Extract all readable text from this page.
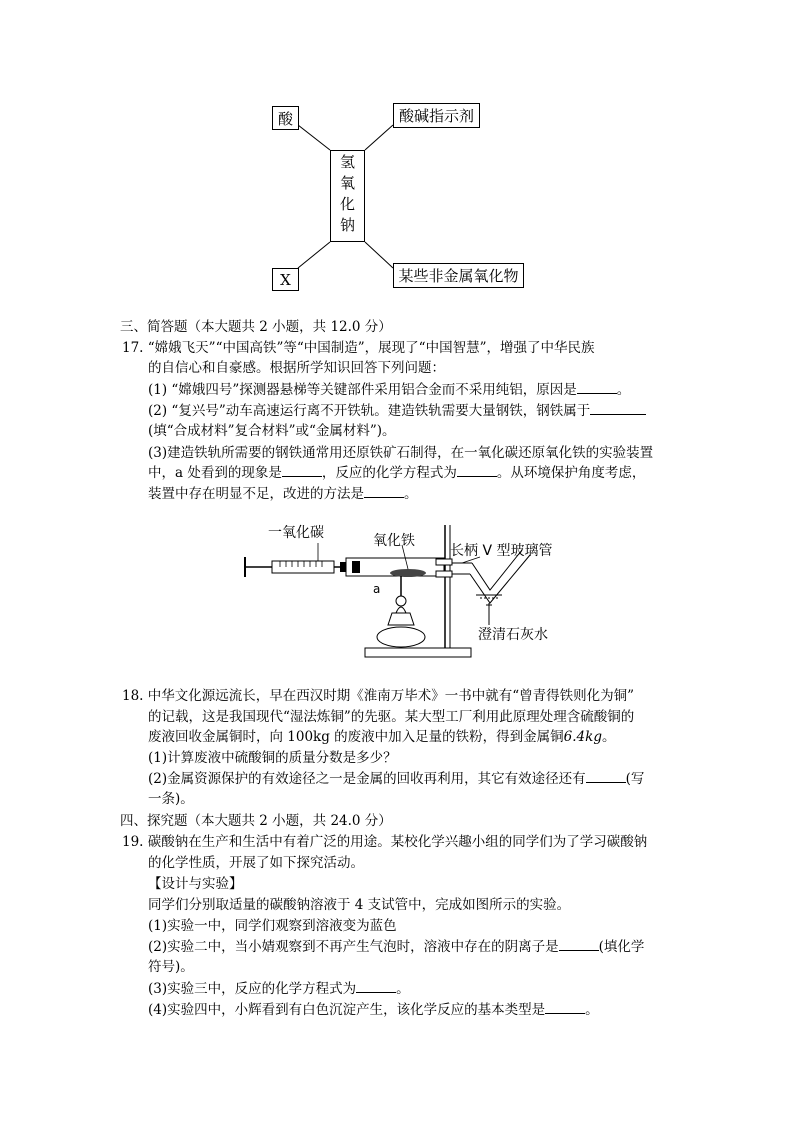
酸	酸碱指示剂
氢氧化钠
X	某些非金属氧化物
三、简答题（本大题共 2 小题，共 12.0 分）
17. “嫦娥飞天”“中国高铁”等“中国制造”，展现了“中国智慧”，增强了中华民族
的自信心和自豪感。根据所学知识回答下列问题：
(1) “嫦娥四号”探测器悬梯等关键部件采用铝合金而不采用纯铝，原因是	。
(2) “复兴号”动车高速运行离不开铁轨。建造铁轨需要大量钢铁，钢铁属于
(填“合成材料”复合材料”或“金属材料”)。
(3)建造铁轨所需要的钢铁通常用还原铁矿石制得，在一氧化碳还原氧化铁的实验装置
中，a 处看到的现象是	，反应的化学方程式为	。从环境保护角度考虑，
装置中存在明显不足，改进的方法是	。
一氧化碳	氧化铁
长柄 V 型玻璃管
a
澄清石灰水
18. 中华文化源远流长，早在西汉时期《淮南万毕术》一书中就有“曾青得铁则化为铜”
的记载，这是我国现代“湿法炼铜”的先驱。某大型工厂利用此原理处理含硫酸铜的
废液回收金属铜时，向 100kg 的废液中加入足量的铁粉，得到金属铜6.4kg。
(1)计算废液中硫酸铜的质量分数是多少？
(2)金属资源保护的有效途径之一是金属的回收再利用，其它有效途径还有	(写
一条)。
四、探究题（本大题共 2 小题，共 24.0 分）
19. 碳酸钠在生产和生活中有着广泛的用途。某校化学兴趣小组的同学们为了学习碳酸钠
的化学性质，开展了如下探究活动。
【设计与实验】
同学们分别取适量的碳酸钠溶液于 4 支试管中，完成如图所示的实验。
(1)实验一中，同学们观察到溶液变为蓝色
(2)实验二中，当小婧观察到不再产生气泡时，溶液中存在的阴离子是	(填化学
符号)。
(3)实验三中，反应的化学方程式为	。
(4)实验四中，小辉看到有白色沉淀产生，该化学反应的基本类型是	。
